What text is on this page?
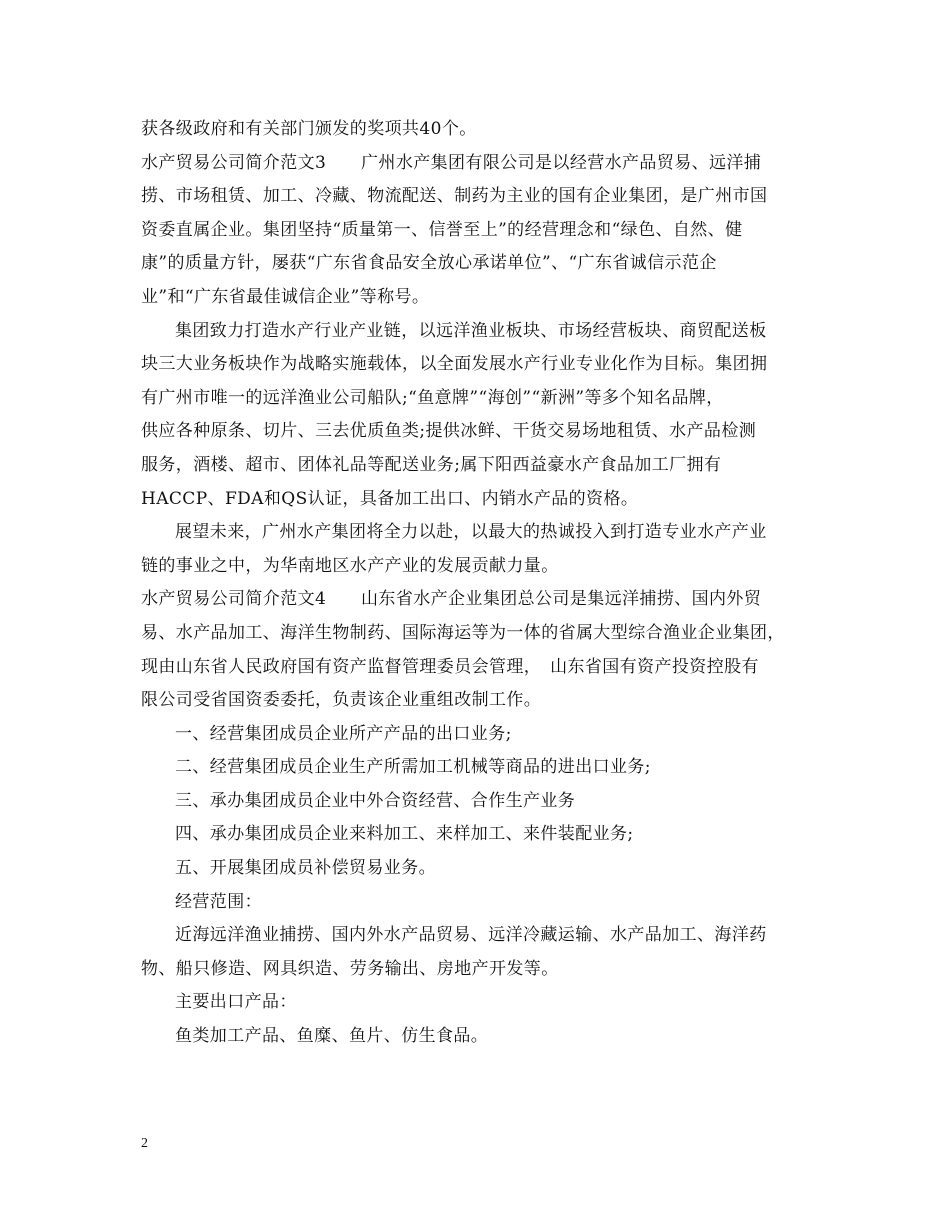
获各级政府和有关部门颁发的奖项共40个。
水产贸易公司简介范文3　　广州水产集团有限公司是以经营水产品贸易、远洋捕
捞、市场租赁、加工、冷藏、物流配送、制药为主业的国有企业集团，是广州市国
资委直属企业。集团坚持“质量第一、信誉至上”的经营理念和“绿色、自然、健
康”的质量方针，屡获“广东省食品安全放心承诺单位”、“广东省诚信示范企
业”和“广东省最佳诚信企业”等称号。
集团致力打造水产行业产业链，以远洋渔业板块、市场经营板块、商贸配送板
块三大业务板块作为战略实施载体，以全面发展水产行业专业化作为目标。集团拥
有广州市唯一的远洋渔业公司船队;“鱼意牌”“海创”“新洲”等多个知名品牌，
供应各种原条、切片、三去优质鱼类;提供冰鲜、干货交易场地租赁、水产品检测
服务，酒楼、超市、团体礼品等配送业务;属下阳西益豪水产食品加工厂拥有
HACCP、FDA和QS认证，具备加工出口、内销水产品的资格。
展望未来，广州水产集团将全力以赴，以最大的热诚投入到打造专业水产产业
链的事业之中，为华南地区水产产业的发展贡献力量。
水产贸易公司简介范文4　　山东省水产企业集团总公司是集远洋捕捞、国内外贸
易、水产品加工、海洋生物制药、国际海运等为一体的省属大型综合渔业企业集团，
现由山东省人民政府国有资产监督管理委员会管理，　山东省国有资产投资控股有
限公司受省国资委委托，负责该企业重组改制工作。
一、经营集团成员企业所产产品的出口业务;
二、经营集团成员企业生产所需加工机械等商品的进出口业务;
三、承办集团成员企业中外合资经营、合作生产业务
四、承办集团成员企业来料加工、来样加工、来件装配业务;
五、开展集团成员补偿贸易业务。
经营范围：
近海远洋渔业捕捞、国内外水产品贸易、远洋冷藏运输、水产品加工、海洋药
物、船只修造、网具织造、劳务输出、房地产开发等。
主要出口产品：
鱼类加工产品、鱼糜、鱼片、仿生食品。
2
